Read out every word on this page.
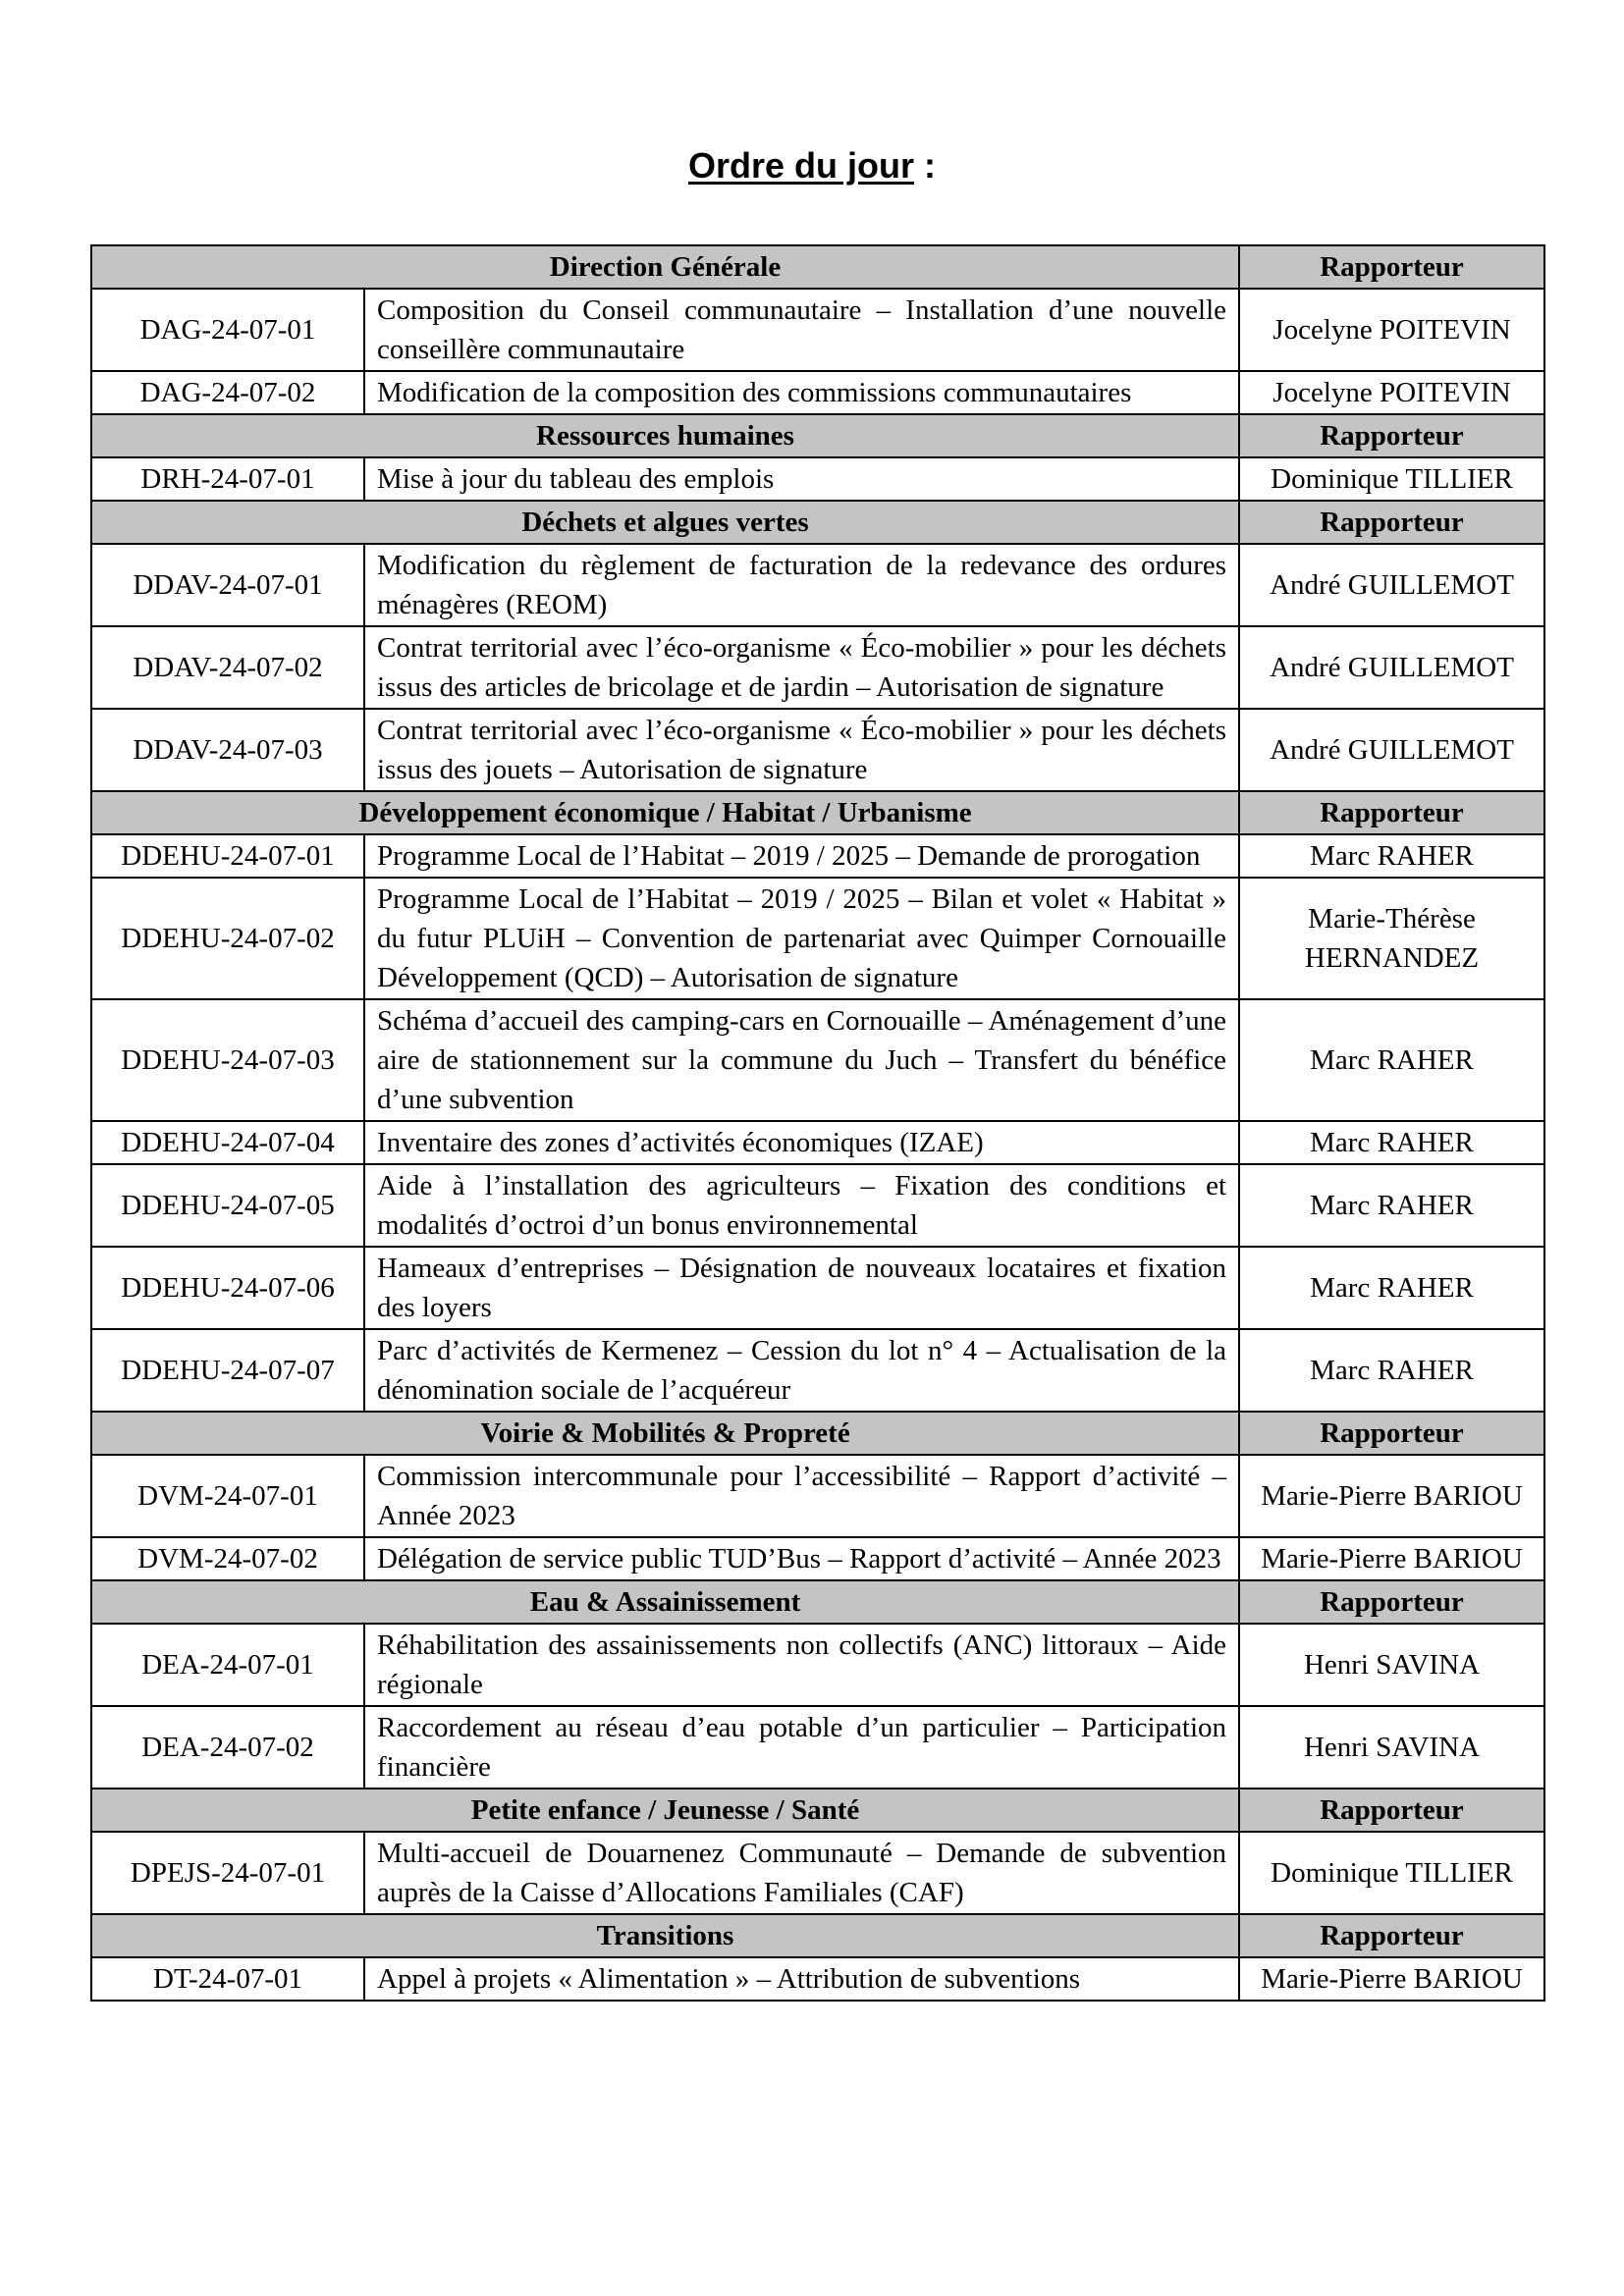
Ordre du jour :
Direction Générale		Rapporteur
DAG-24-07-01	Composition du Conseil communautaire – Installation d’une nouvelle conseillère communautaire	Jocelyne POITEVIN
DAG-24-07-02	Modification de la composition des commissions communautaires	Jocelyne POITEVIN
Ressources humaines		Rapporteur
DRH-24-07-01	Mise à jour du tableau des emplois	Dominique TILLIER
Déchets et algues vertes		Rapporteur
DDAV-24-07-01	Modification du règlement de facturation de la redevance des ordures ménagères (REOM)	André GUILLEMOT
DDAV-24-07-02	Contrat territorial avec l’éco-organisme « Éco-mobilier » pour les déchets issus des articles de bricolage et de jardin – Autorisation de signature	André GUILLEMOT
DDAV-24-07-03	Contrat territorial avec l’éco-organisme « Éco-mobilier » pour les déchets issus des jouets – Autorisation de signature	André GUILLEMOT
Développement économique / Habitat / Urbanisme		Rapporteur
DDEHU-24-07-01	Programme Local de l’Habitat – 2019 / 2025 – Demande de prorogation	Marc RAHER
DDEHU-24-07-02	Programme Local de l’Habitat – 2019 / 2025 – Bilan et volet « Habitat » du futur PLUiH – Convention de partenariat avec Quimper Cornouaille Développement (QCD) – Autorisation de signature	Marie-Thérèse HERNANDEZ
DDEHU-24-07-03	Schéma d’accueil des camping-cars en Cornouaille – Aménagement d’une aire de stationnement sur la commune du Juch – Transfert du bénéfice d’une subvention	Marc RAHER
DDEHU-24-07-04	Inventaire des zones d’activités économiques (IZAE)	Marc RAHER
DDEHU-24-07-05	Aide à l’installation des agriculteurs – Fixation des conditions et modalités d’octroi d’un bonus environnemental	Marc RAHER
DDEHU-24-07-06	Hameaux d’entreprises – Désignation de nouveaux locataires et fixation des loyers	Marc RAHER
DDEHU-24-07-07	Parc d’activités de Kermenez – Cession du lot n° 4 – Actualisation de la dénomination sociale de l’acquéreur	Marc RAHER
Voirie & Mobilités & Propreté		Rapporteur
DVM-24-07-01	Commission intercommunale pour l’accessibilité – Rapport d’activité – Année 2023	Marie-Pierre BARIOU
DVM-24-07-02	Délégation de service public TUD’Bus – Rapport d’activité – Année 2023	Marie-Pierre BARIOU
Eau & Assainissement		Rapporteur
DEA-24-07-01	Réhabilitation des assainissements non collectifs (ANC) littoraux – Aide régionale	Henri SAVINA
DEA-24-07-02	Raccordement au réseau d’eau potable d’un particulier – Participation financière	Henri SAVINA
Petite enfance / Jeunesse / Santé		Rapporteur
DPEJS-24-07-01	Multi-accueil de Douarnenez Communauté – Demande de subvention auprès de la Caisse d’Allocations Familiales (CAF)	Dominique TILLIER
Transitions		Rapporteur
DT-24-07-01	Appel à projets « Alimentation » – Attribution de subventions	Marie-Pierre BARIOU
